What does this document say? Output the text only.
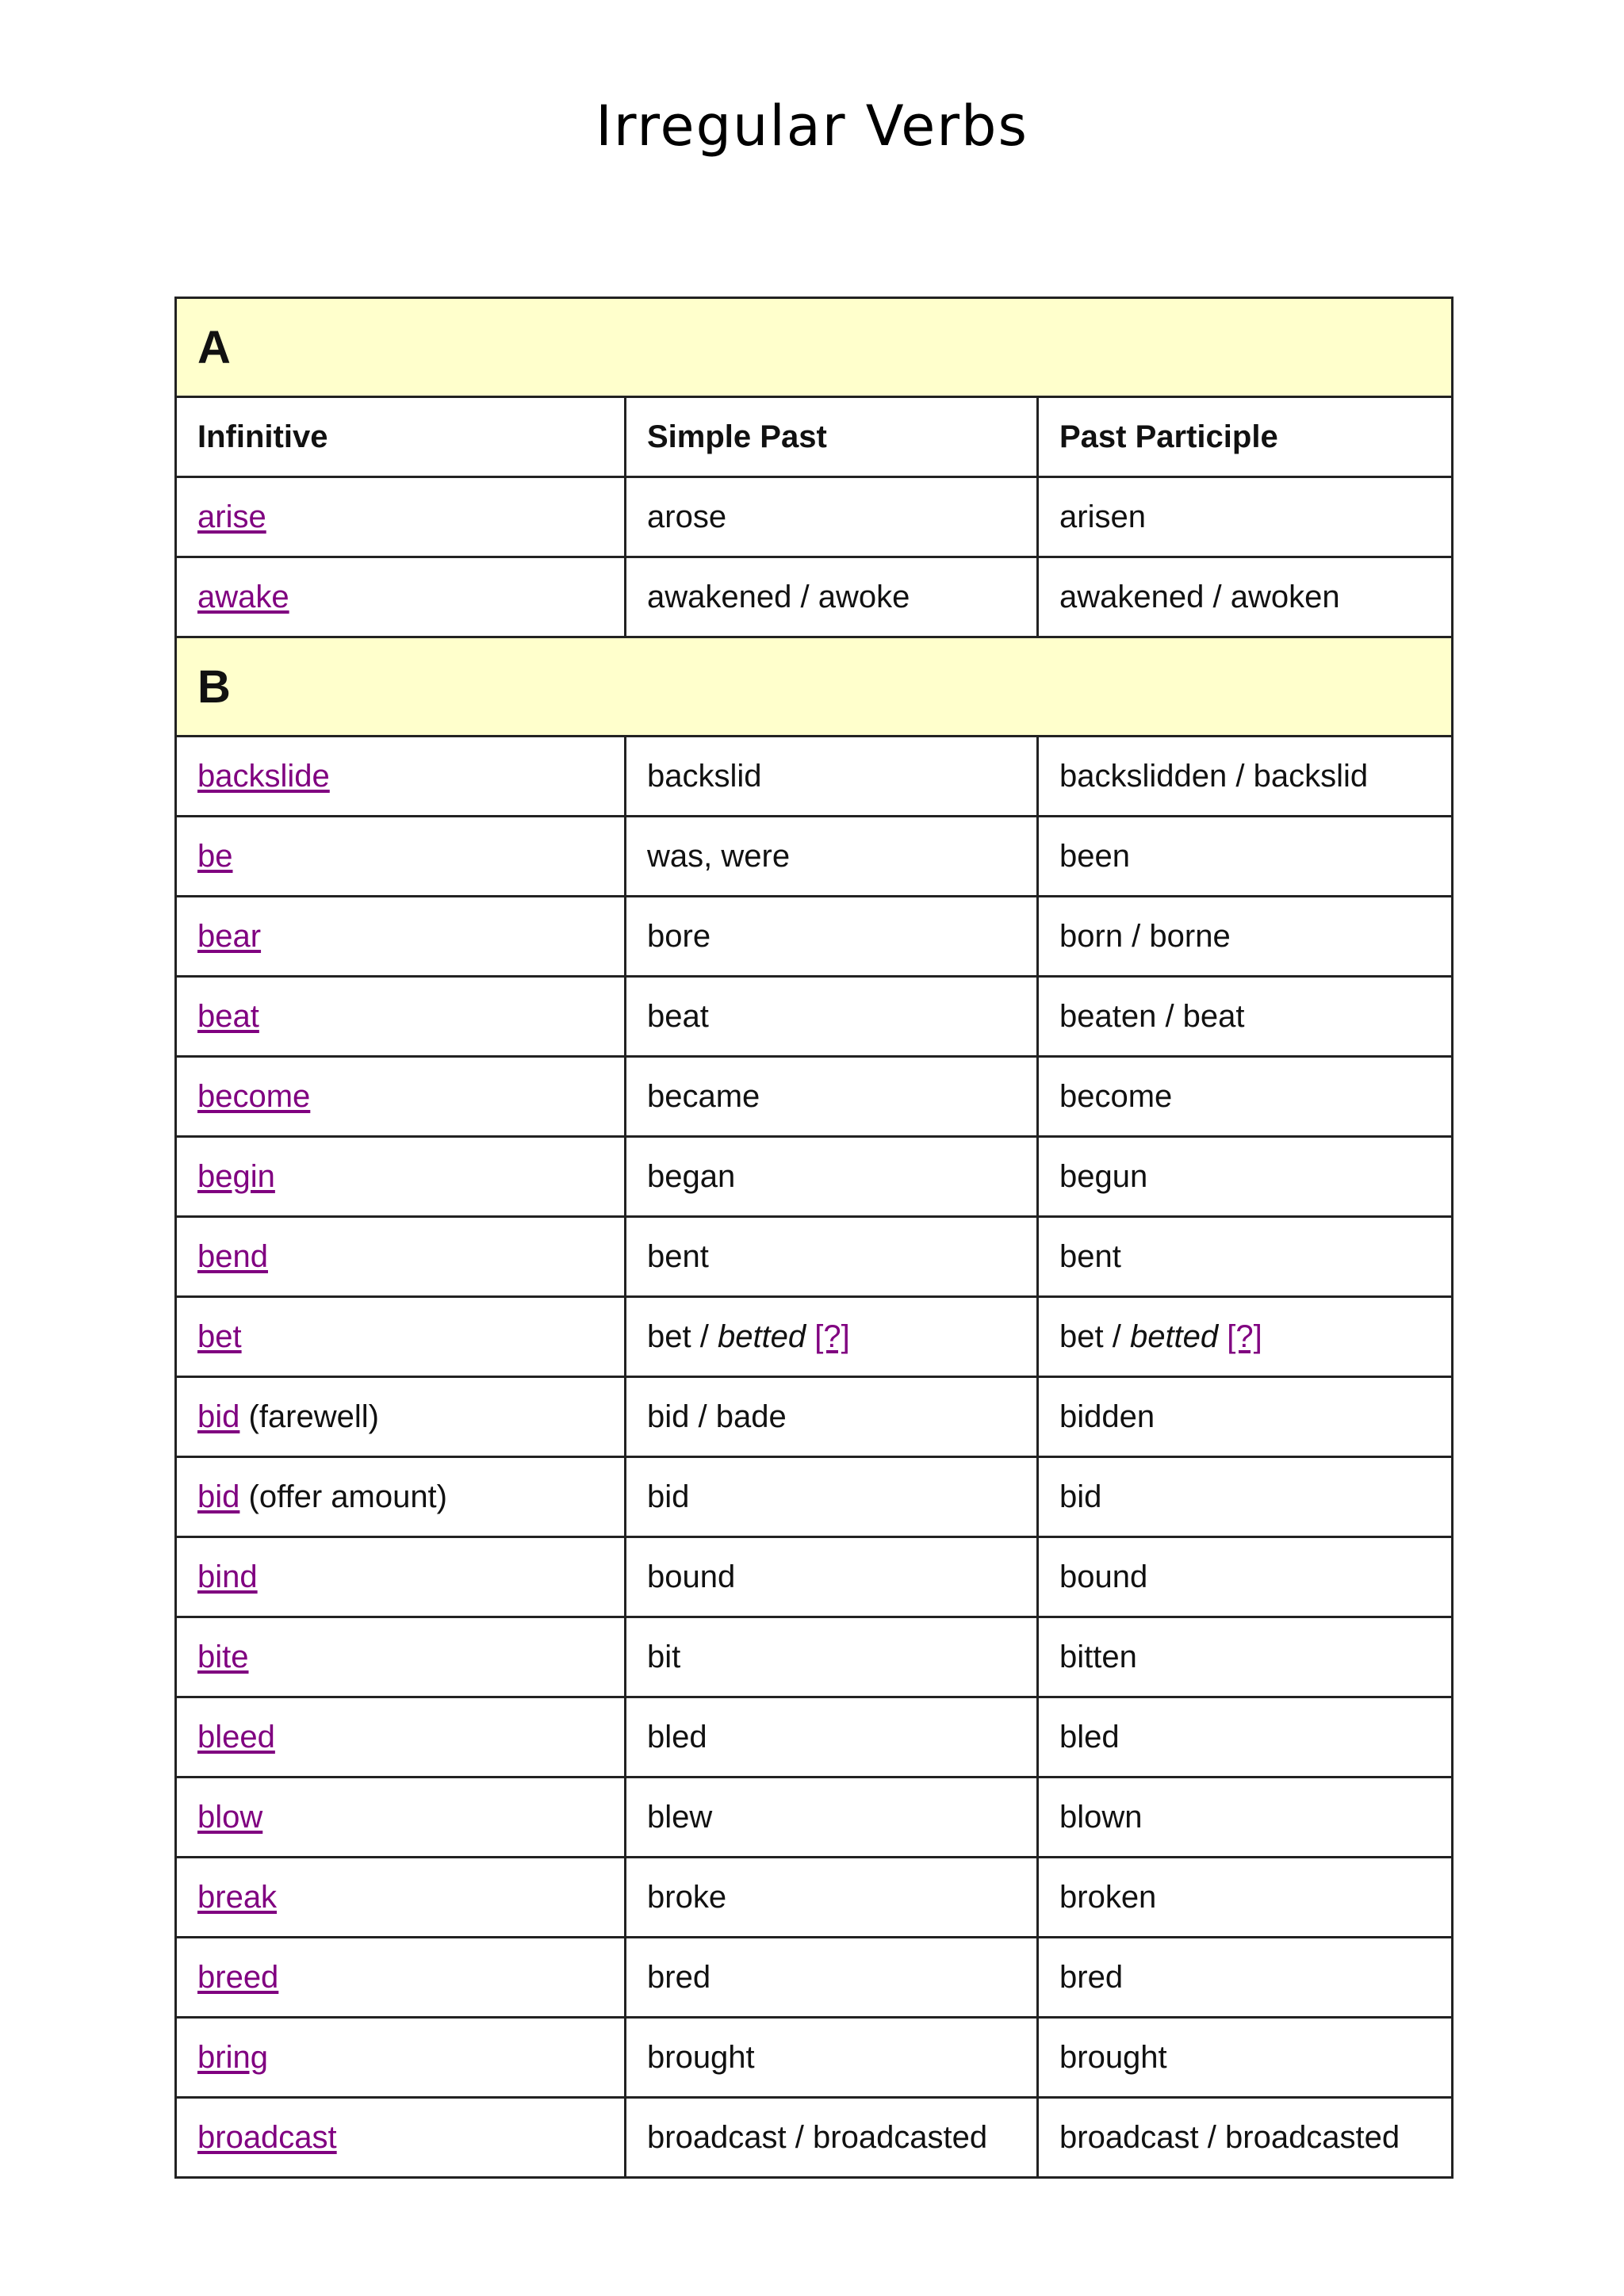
Irregular Verbs
A		
Infinitive	Simple Past	Past Participle
arise	arose	arisen
awake	awakened / awoke	awakened / awoken
B		
backslide	backslid	backslidden / backslid
be	was, were	been
bear	bore	born / borne
beat	beat	beaten / beat
become	became	become
begin	began	begun
bend	bent	bent
bet	bet / betted [?]	bet / betted [?]
bid (farewell)	bid / bade	bidden
bid (offer amount)	bid	bid
bind	bound	bound
bite	bit	bitten
bleed	bled	bled
blow	blew	blown
break	broke	broken
breed	bred	bred
bring	brought	brought
broadcast	broadcast / broadcasted	broadcast / broadcasted
